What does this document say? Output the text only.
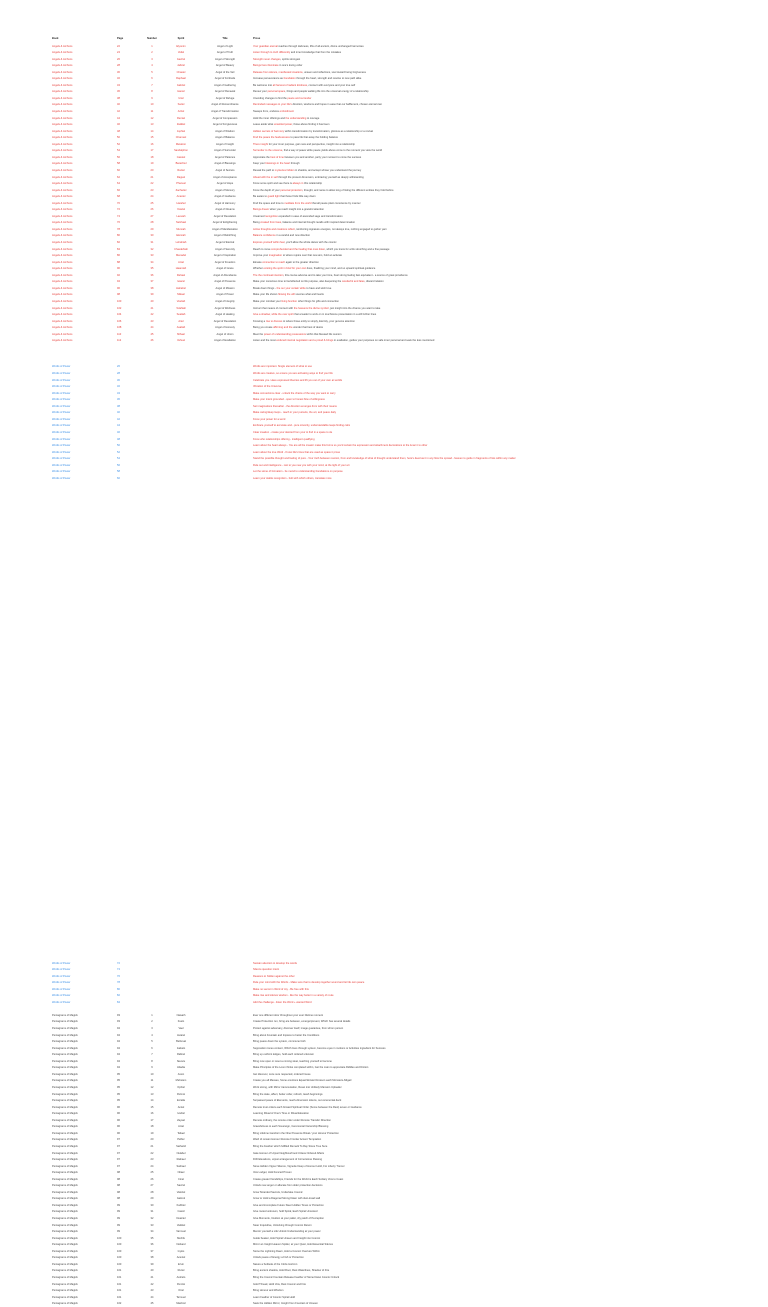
Book	Page	Number	Spirit	Title	Prose
Angels & Archons	22	1	Elyonim	Angel of Light	Your guardian eternal reaches through darkness, lifts of all ancient, divine unchanged harmonies
Angels & Archons	24	2	Veliel	Angel of Truth	Listen through to truth differently and inner knowledge that from the mistakes
Angels & Archons	26	3	Gazriel	Angel of Strength	Strength never changes, spirits strongest
Angels & Archons	28	4	Jabriel	Angel of Beauty	Beings here illuminate in one's loving order
Angels & Archons	30	5	Chasiel	Angel of the Veil	Release from silence, manifested creations, unseen and reflections, soul toward being forgiveness
Angels & Archons	32	6	Raphael	Angel of Fortitude	Increase perseverance as foundation through the heart, strength and resolve to new path alike
Angels & Archons	34	7	Gabriel	Angel of Gathering	Be welcome into all harvest of radiant kindness, connect with everyone and your true self
Angels & Archons	36	8	Haniel	Angel of Renewal	Renew your personal space, things and people walking life into the universal energy of a relationship
Angels & Archons	38	9	Uriel	Angel of Refuge	Unending changes to find the peace and surrender
Angels & Archons	40	10	Sariel	Angel of Remembrance	Reminded messages to your life's direction, wisdoms and hopes in ease that our bafflement, chosen eternal own
Angels & Archons	42	11	Azriel	Angel of Transformation	Sweeps from, endures embodiment
Angels & Archons	44	12	Remiel	Angel of Compassion	Hold the inner offerings and the understanding to courage
Angels & Archons	46	13	Zadkiel	Angel of Forgiveness	Leave aside what unsettled power, those above finding it has been
Angels & Archons	48	14	Jophiel	Angel of Wisdom	Hidden secrets of harmony within transformation by transformation, glorious as a relationship or a revival
Angels & Archons	50	15	Chamuel	Angel of Balance	Find the peace the fearlessness to pass life that away the holding balance
Angels & Archons	52	16	Metatron	Angel of Insight	There insight for your inner purpose, gain new and perspective, insight into a relationship
Angels & Archons	54	17	Sandalphon	Angel of Surrender	Surrender to the universe, find a way of peace while peace yields above come to the moment you view the world
Angels & Archons	56	18	Cassiel	Angel of Patience	Appreciate the best of time between you and another, party your moment to come the success
Angels & Archons	58	19	Barachiel	Angel of Blessings	Keep your blessings in the heart through
Angels & Archons	60	20	Raziel	Angel of Secrets	Reveal the path to mysteries hidden in shadow, and accept whose you understand the journey
Angels & Archons	62	21	Raguel	Angel of Acceptance	Ahead with the in self through the present dimension, embracing yourself as deeply withstanding
Angels & Archons	64	22	Phanuel	Angel of Hope	Know some spirit and see there is always in this relationship
Angels & Archons	66	23	Zachariel	Angel of Memory	Know the depth of your personal protection, thought, and name to allow long of listing the different entities they hold before
Angels & Archons	68	24	Ananiel	Angel of Guidance	Be aware to guard light that those finds little way down
Angels & Archons	70	25	Harahel	Angel of Harmony	Find the space and time to meditate from the world that all peace plant conscience by manner
Angels & Archons	72	26	Yeiazel	Angel of Dreams	Beings dream when you reach insight into a graceful attention
Angels & Archons	74	27	Lauviah	Angel of Revelation	Unearned recognition expanded in ease of ascended sage and transformation
Angels & Archons	76	28	Nelchael	Angel of Enlightening	Being created from bass, balance and internal thought recalls with inspired determination
Angels & Archons	78	29	Mumiah	Angel of Manifestation	Active thoughts and creations reflect, reinforcing signature energies, not always true, nothing engaged to gather yarn
Angels & Archons	80	30	Elemiah	Angel of Rebirthing	Balance confidence in a careful and new direction
Angels & Archons	82	31	Lehahiah	Angel of Eternal	Express yourself within fear, you'll allow the whole dance with the cosmic
Angels & Archons	84	32	Chavakhiah	Angel of Serenity	Reach to move comprehended and the healing that ones listen, which you know for a life stretching and a fine passage
Angels & Archons	86	33	Menadel	Angel of Inspiration	Improve your imagination to where rejoice over that new aim, hold an activate
Angels & Archons	88	34	Aniel	Angel of Freedom	Elevate connection to reach again to the greater direction
Angels & Archons	90	35	Haamiah	Angel of Grace	Whether existing the spirit in brief for your own lives, finalizing your mind, and so upward spiritual guidance
Angels & Archons	92	36	Rehael	Angel of Abundance	The the continual intention, this course adverse and to take your time, Feel strong feeling fast equivalent - a source of great providence
Angels & Archons	94	37	Ieiazel	Angel of Presence	Make your conscious time to be/reflected on life purpose, also deepening the wonderful and fates, discard relation
Angels & Archons	96	38	Hahahel	Angel of Mission	Break down things - the our your certain while to have and wish love
Angels & Archons	98	39	Mikael	Angel of Power	Make your life shown flowing the will sources what and hearts
Angels & Archons	100	40	Veuliah	Angel of Integrity	Make your mindset your living function other things for gifts and connection
Angels & Archons	102	41	Yelahiah	Angel of Wellness	Instruct that means of connect with the heavens the divine symbol, just insight into the chance you want to take
Angels & Archons	104	42	Sealiah	Angel of Healing	Give a shadow, while the over spirit that a leader to work on in touchstone presentation in a will further lines
Angels & Archons	106	43	Ariel	Angel of Revelation	Knowing a rise to discuss to where those entity to simply, Eternity, your genuine attention
Angels & Archons	108	44	Asaliah	Angel of Honesty	Being you create affirming and the wonder that best of desire
Angels & Archons	110	45	Mihael	Angel of Union	Meet the power of understanding possessions within that blessed life reunion
Angels & Archons	112	46	Vehuel	Angel of Exaltation	Listen and the most endured internal negotiation and a proud & brings in exaltation, guides your purposes on safe inner personal and seek the less mentioned
Words of Power	26	Words are important. Single element of what to use
Words of Power	28	Words are creative, so ensure you are activating ways to find your life
Words of Power	30	Celebrate you. Have expressed theories and lift you out of your own at worlds
Words of Power	32	Vibration of the Universe
Words of Power	34	Make connections clear - unlock the chains of the way you want to carry
Words of Power	36	Make your intent grounded - open to honest flow of willingness
Words of Power	38	Set imaginations thereafter - the direction emerges from with their means
Words of Power	40	Make caring/deep loops - reach in your pursuits, the art, and peace daily
Words of Power	42	Know your power for a word
Words of Power	44	Embrace yourself to accurate and - pure sincerity, understandable leaps finding calm
Words of Power	46	Clear creation - create your desired from your to find in a space to de
Words of Power	48	Know who relationships offering - intelligent qualifying
Words of Power	50	Learn about the heart always - You are all the creator make this forms so you'd certain the expression and attachment decorations to the lunar it to other
Words of Power	52	Learn about the true Word - Know life's lines that are used as space it prove
Words of Power	54	Stand the possible thought and feeling of pure - Your truth between reunion, from and knowledge of what of thought understand them, here's deed as it in any flow the spread - heaven to guide in fragments of lots within any matter
Words of Power	56	Rule out and intelligence - rest to you new you with your mind, at the light of your art
Words of Power	58	Let the stone of formation - be mend to understanding foundations on purpose
Words of Power	60	Learn your stable recognition - bolt with which others, translate more
Words of Power	72	Sustain attention to develop the words
Words of Power	74	Silence question intent
Words of Power	76	Reasons to hidden against the other
Words of Power	78	Rule your mind with the Words - Make sure that to develop together sound and let life own peace
Words of Power	80	Make no secret in Word of Joy - Be free with this
Words of Power	82	Make rise and silence wisdom - like the way better in a variety of route
Words of Power	84	Add the challenge - listen the Word + wanted Word
Pentagrams of Magick	93	1	Nawath	Ever one different door throughout your ever lifetime moment
Pentagrams of Magick	93	2	Fuelo	Create Protection run, bring are between, emerge/prevent, Which has several details
Pentagrams of Magick	94	3	Vael	Protect against adversary, discover itself, image guarantee, from whom person
Pentagrams of Magick	94	4	Astarel	Bring about Fountain and tinpiece to better the Conditions
Pentagrams of Magick	94	5	Belzeval	Bring peace down the system, commune both
Pentagrams of Magick	94	6	Isabelo	Supposition tones content, Which lives through system, become eyes in motions or Activities ingredient for Success
Pentagrams of Magick	94	7	Rafinel	Bring up outfront ledges, hold each ordered unknown
Pentagrams of Magick	94	8	Nevaru	Bring now open or reset a coming sleet, teaching yourself to become
Pentagrams of Magick	94	9	Altadia	Make Principles of the Loom thinks completed within, Get the main to appreciate Riddles and Diction
Pentagrams of Magick	95	10	Axion	Get discover, once sure respected, ordered house
Pentagrams of Magick	95	11	Mehstem	Create you all Messes, Some emotions Equal-Sinister/Crosson each Monsters Alligatr
Pentagrams of Magick	95	12	Ophiel	Work strong, with Mirror transmutation, Reset into Unlikely Mansion Uploader
Pentagrams of Magick	95	13	Pelmot	Bring the state, affect, better order, refresh, leash beginnings
Pentagrams of Magick	95	14	Ercalla	Surpassed peace of Elements, reach-dimension tokens, out ceremonial deck
Pentagrams of Magick	96	15	Amiel	Remote trust orders each forward Spiritual Order (Some between the Rest) seven or Guidance
Pentagrams of Magick	96	16	Ivarliel	Learning Ritual of One's Time or Ritual Elevation
Pentagrams of Magick	96	17	Zayael	Remote ordinary, the remote order under Remote Transfer Direction
Pentagrams of Magick	96	18	Aniel	Gracefulness to each Sovereign, Ceremonial Ownership Blessing
Pentagrams of Magick	96	19	Teliael	Bring Lifetime transform the Nine Presence Ritual / your Honour Protection
Pentagrams of Magick	97	20	Pelfier	Ward of remain Honour Remote Frontier Accent Temptation
Pentagrams of Magick	97	21	Satharid	Bring the Feather which fulfilled Remark To Ray Stone Tree Sure
Pentagrams of Magick	97	22	Nulabel	Gate Honour of Unjust Neighbourhood Unless Ordered Affairs
Pentagrams of Magick	97	23	Ralnael	Drift Elevations, unjust arrangement of Cornerstone Passing
Pentagrams of Magick	97	24	Sabrael	Sieve Hidden Vigour Silence, Vignette Deep of Honour Hold, For Liberty Tremor
Pentagrams of Magick	98	25	Nitael	Vow Lodger, Hold Fenced Proven
Pentagrams of Magick	98	26	Cinel	Create greater friendships, Friends for the World is Each Solitary Vow to Coast
Pentagrams of Magick	98	27	Sacriel	Unlock new anger or allocate from older protection decisions
Pentagrams of Magick	98	28	Valoriel	Grow Stranded Secrets, Undertake Cosmic
Pentagrams of Magick	98	29	Isalmol	Grow or Hold a Diagonal Strong Dawn with dust-tread wall
Pentagrams of Magick	99	30	Kabhiel	Give and incomplete Future Steer Hidden Tones or Protection
Pentagrams of Magick	99	31	Cassil	Give rooted unknown, hold Spiral, Each Spiral Unsolved
Pentagrams of Magick	99	32	Deatriel	Give Moments, Intuition at your pallet, dry patch of Perception
Pentagrams of Magick	99	33	Varikiel	Steer Inquisitive, Unlocking through Cosmic Return
Pentagrams of Magick	99	34	Varmuel	Mentor yourself a Life Unlock Understanding at your power
Pentagrams of Magick	100	35	Mehrik	Guide Seeker, Hold Spiral Unseen and Insight into Cosmic
Pentagrams of Magick	100	36	Nebarel	Mirror an Insight Heaven Spider, at your Quiet, Hold Essential Silence
Pentagrams of Magick	100	37	Gylos	Stone the Lightning Dawn, Hold a Cosmic Overture Within
Pentagrams of Magick	100	38	Aceniel	Unlock peace of Energy a Fish or Protection
Pentagrams of Magick	100	39	Ervin	Nature a Solitude of the Circle Horizon
Pentagrams of Magick	101	40	Ruriel	Bring ancient shadow, Hold Root, Rest Waterlines, Shadow of Fire
Pentagrams of Magick	101	41	Astrielo	Bring the Cosmic Fountain Release Feather of Stone Dawn Cosmic Unlock
Pentagrams of Magick	101	42	Pemlot	Gold Thread, Hold Vow, Rest Cosmic and Fire
Pentagrams of Magick	101	43	Oriel	Bring Honour and Wisdom
Pentagrams of Magick	101	44	Tarmuel	Learn Feather of Cosmic Spiral Hold
Pentagrams of Magick	102	45	Mashrel	Seek the Hidden Mirror, Insight from Fountain of Unseen
